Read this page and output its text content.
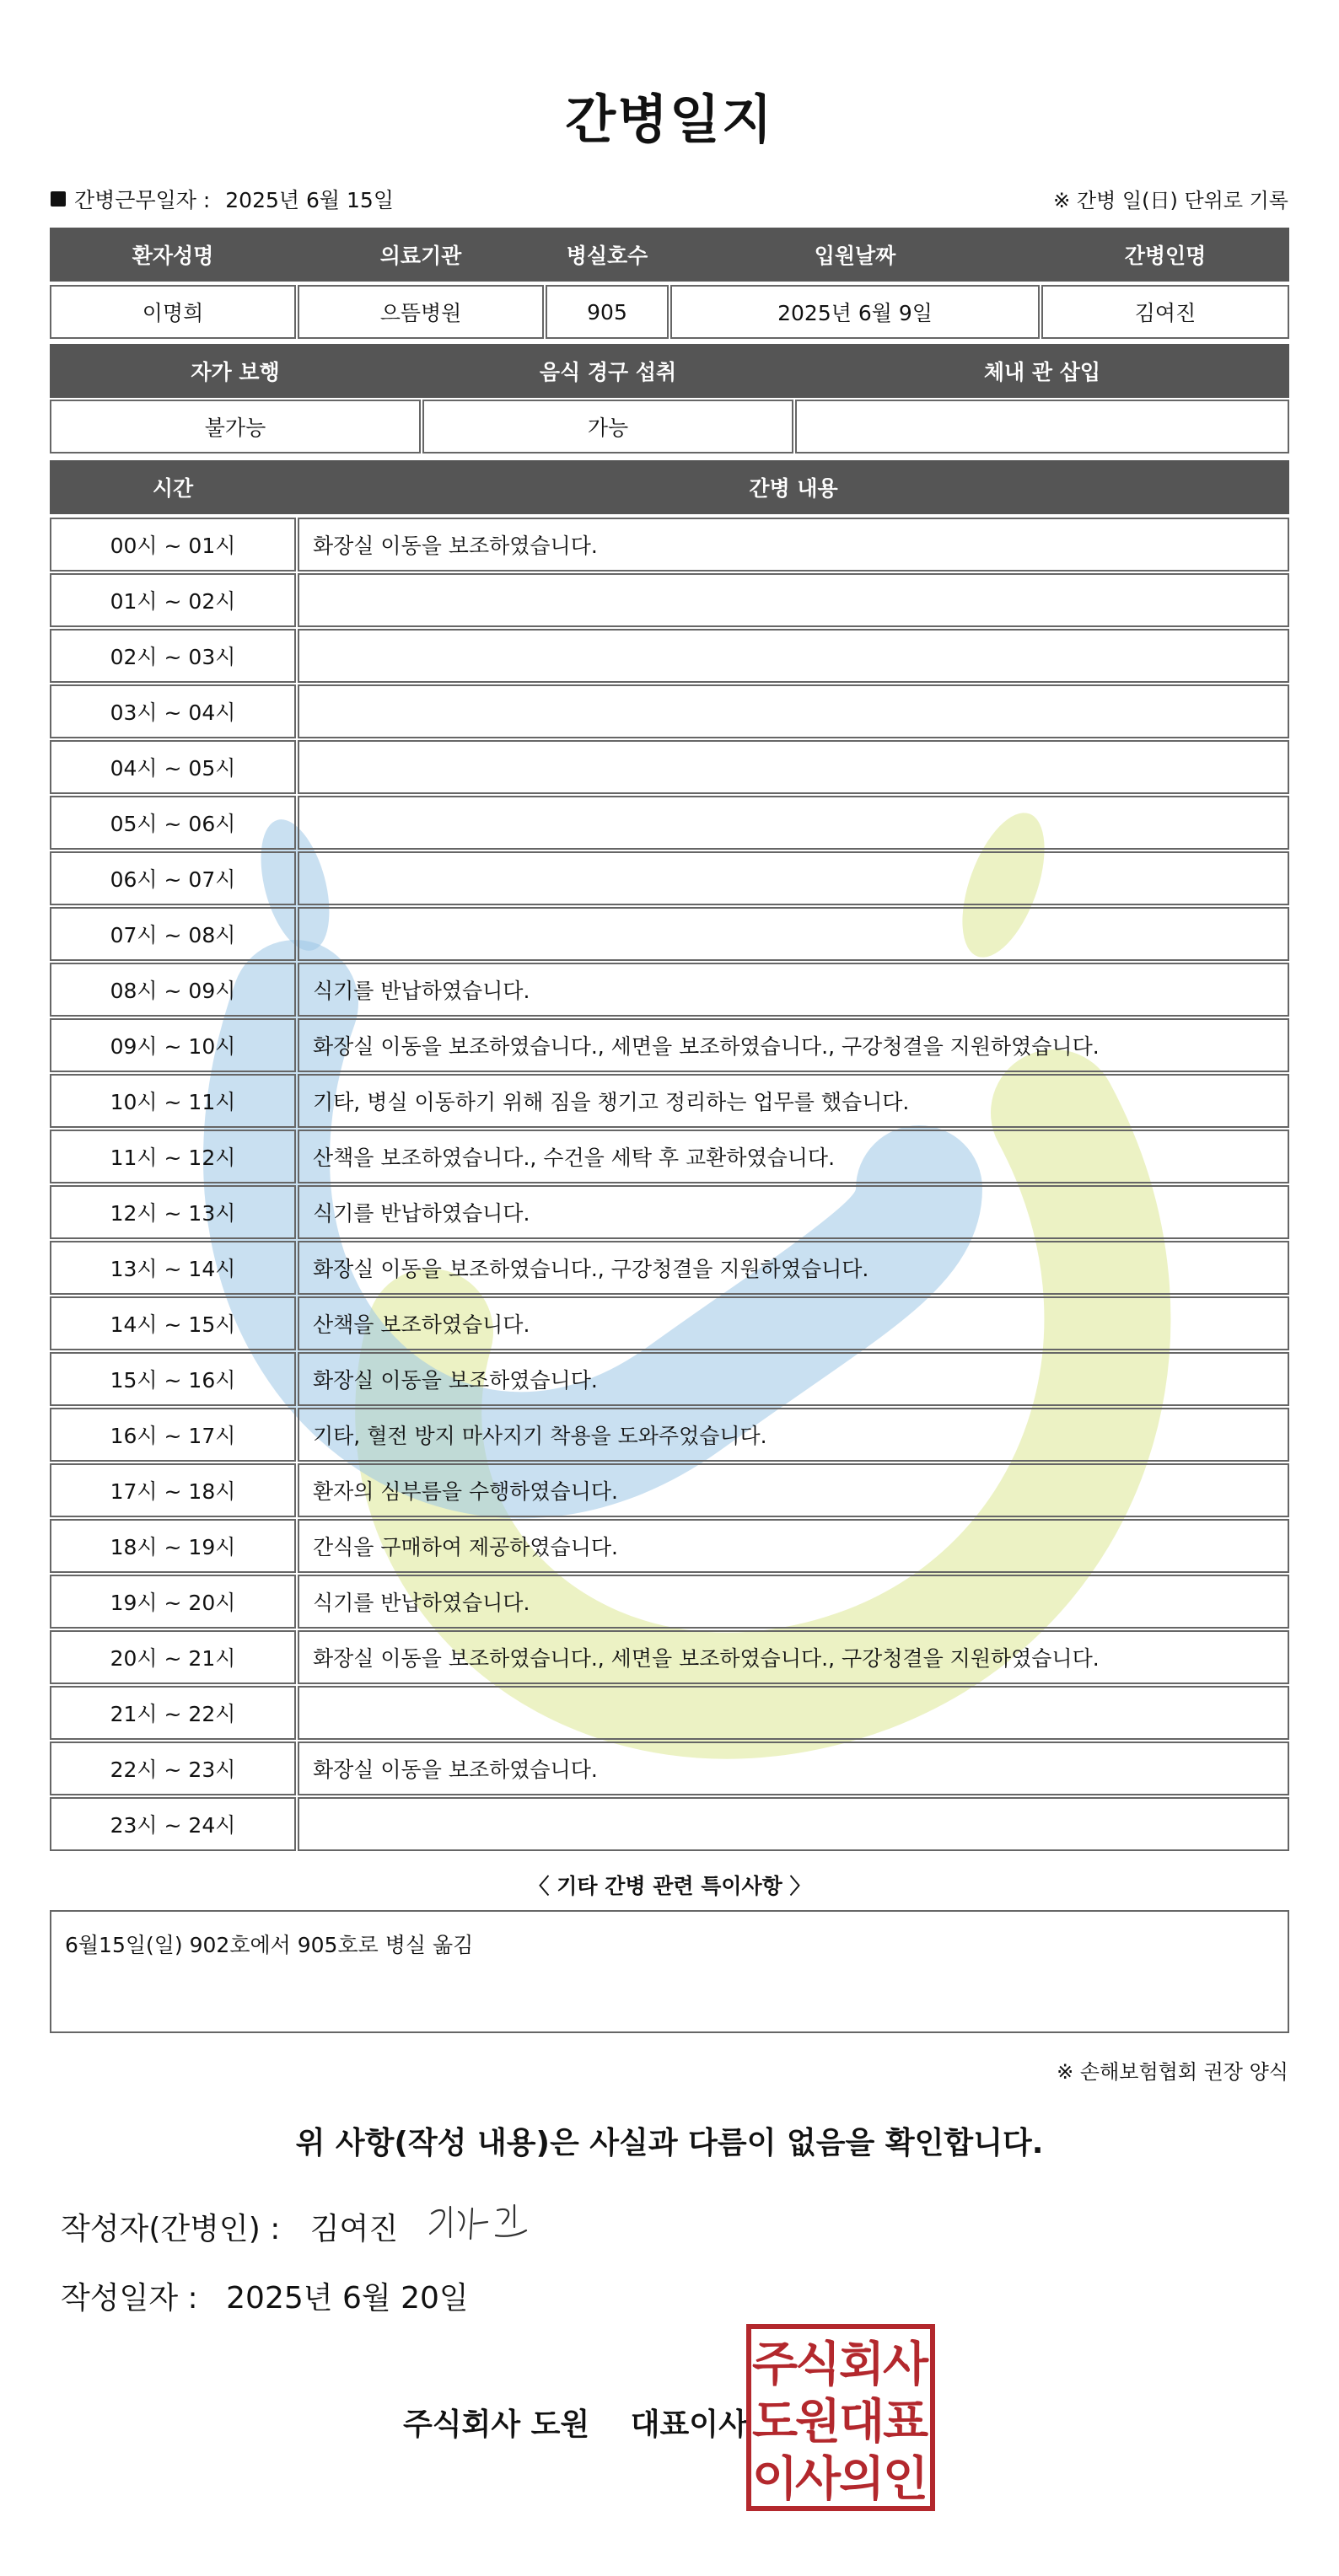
간병일지
간병근무일자 : 2025년 6월 15일	※ 간병 일(日) 단위로 기록
환자성명	의료기관	병실호수	입원날짜	간병인명
이명희	으뜸병원	905	2025년 6월 9일	김여진
자가 보행	음식 경구 섭취	체내 관 삽입
불가능	가능
시간	간병 내용
00시 ~ 01시	화장실 이동을 보조하였습니다.
01시 ~ 02시
02시 ~ 03시
03시 ~ 04시
04시 ~ 05시
05시 ~ 06시
06시 ~ 07시
07시 ~ 08시
08시 ~ 09시	식기를 반납하였습니다.
09시 ~ 10시	화장실 이동을 보조하였습니다., 세면을 보조하였습니다., 구강청결을 지원하였습니다.
10시 ~ 11시	기타, 병실 이동하기 위해 짐을 챙기고 정리하는 업무를 했습니다.
11시 ~ 12시	산책을 보조하였습니다., 수건을 세탁 후 교환하였습니다.
12시 ~ 13시	식기를 반납하였습니다.
13시 ~ 14시	화장실 이동을 보조하였습니다., 구강청결을 지원하였습니다.
14시 ~ 15시	산책을 보조하였습니다.
15시 ~ 16시	화장실 이동을 보조하였습니다.
16시 ~ 17시	기타, 혈전 방지 마사지기 착용을 도와주었습니다.
17시 ~ 18시	환자의 심부름을 수행하였습니다.
18시 ~ 19시	간식을 구매하여 제공하였습니다.
19시 ~ 20시	식기를 반납하였습니다.
20시 ~ 21시	화장실 이동을 보조하였습니다., 세면을 보조하였습니다., 구강청결을 지원하였습니다.
21시 ~ 22시
22시 ~ 23시	화장실 이동을 보조하였습니다.
23시 ~ 24시
〈 기타 간병 관련 특이사항 〉
6월15일(일) 902호에서 905호로 병실 옮김
※ 손해보험협회 권장 양식
위 사항(작성 내용)은 사실과 다름이 없음을 확인합니다.
작성자(간병인) : 김여진
작성일자 : 2025년 6월 20일
주식회사 도원 대표이사
주
식
회
사
도
원
대
표
이
사
의
인
